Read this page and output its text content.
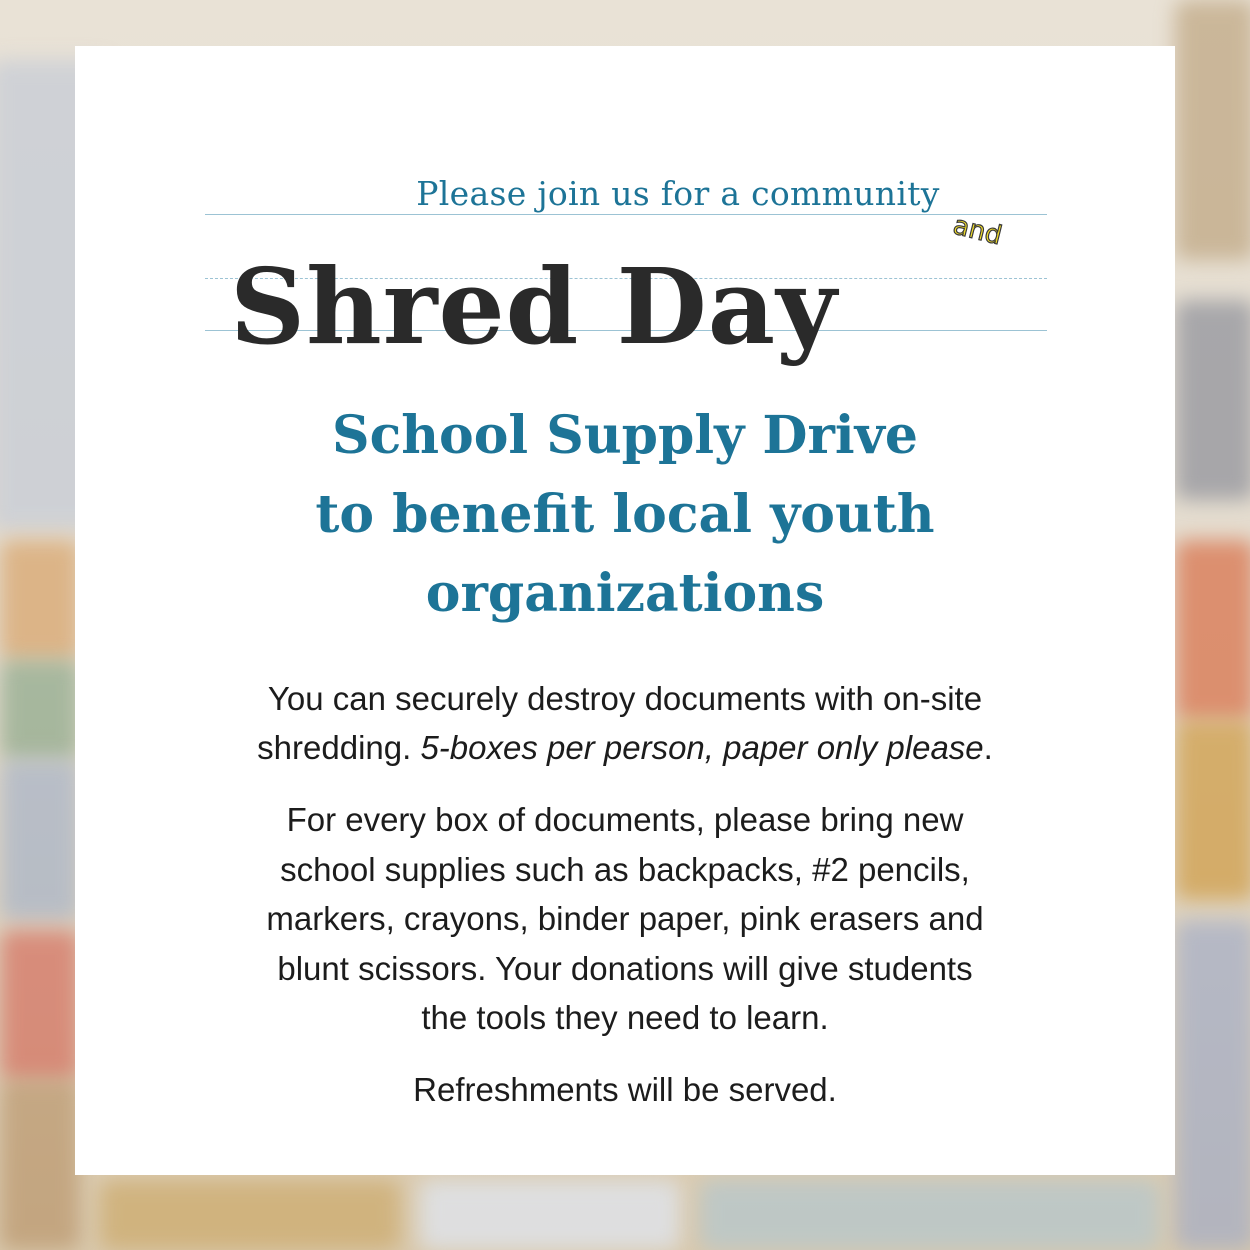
Please join us for a community
Shred Day
and
School Supply Drive
to benefit local youth
organizations
You can securely destroy documents with on-site
shredding. 5-boxes per person, paper only please.
For every box of documents, please bring new
school supplies such as backpacks, #2 pencils,
markers, crayons, binder paper, pink erasers and
blunt scissors. Your donations will give students
the tools they need to learn.
Refreshments will be served.
